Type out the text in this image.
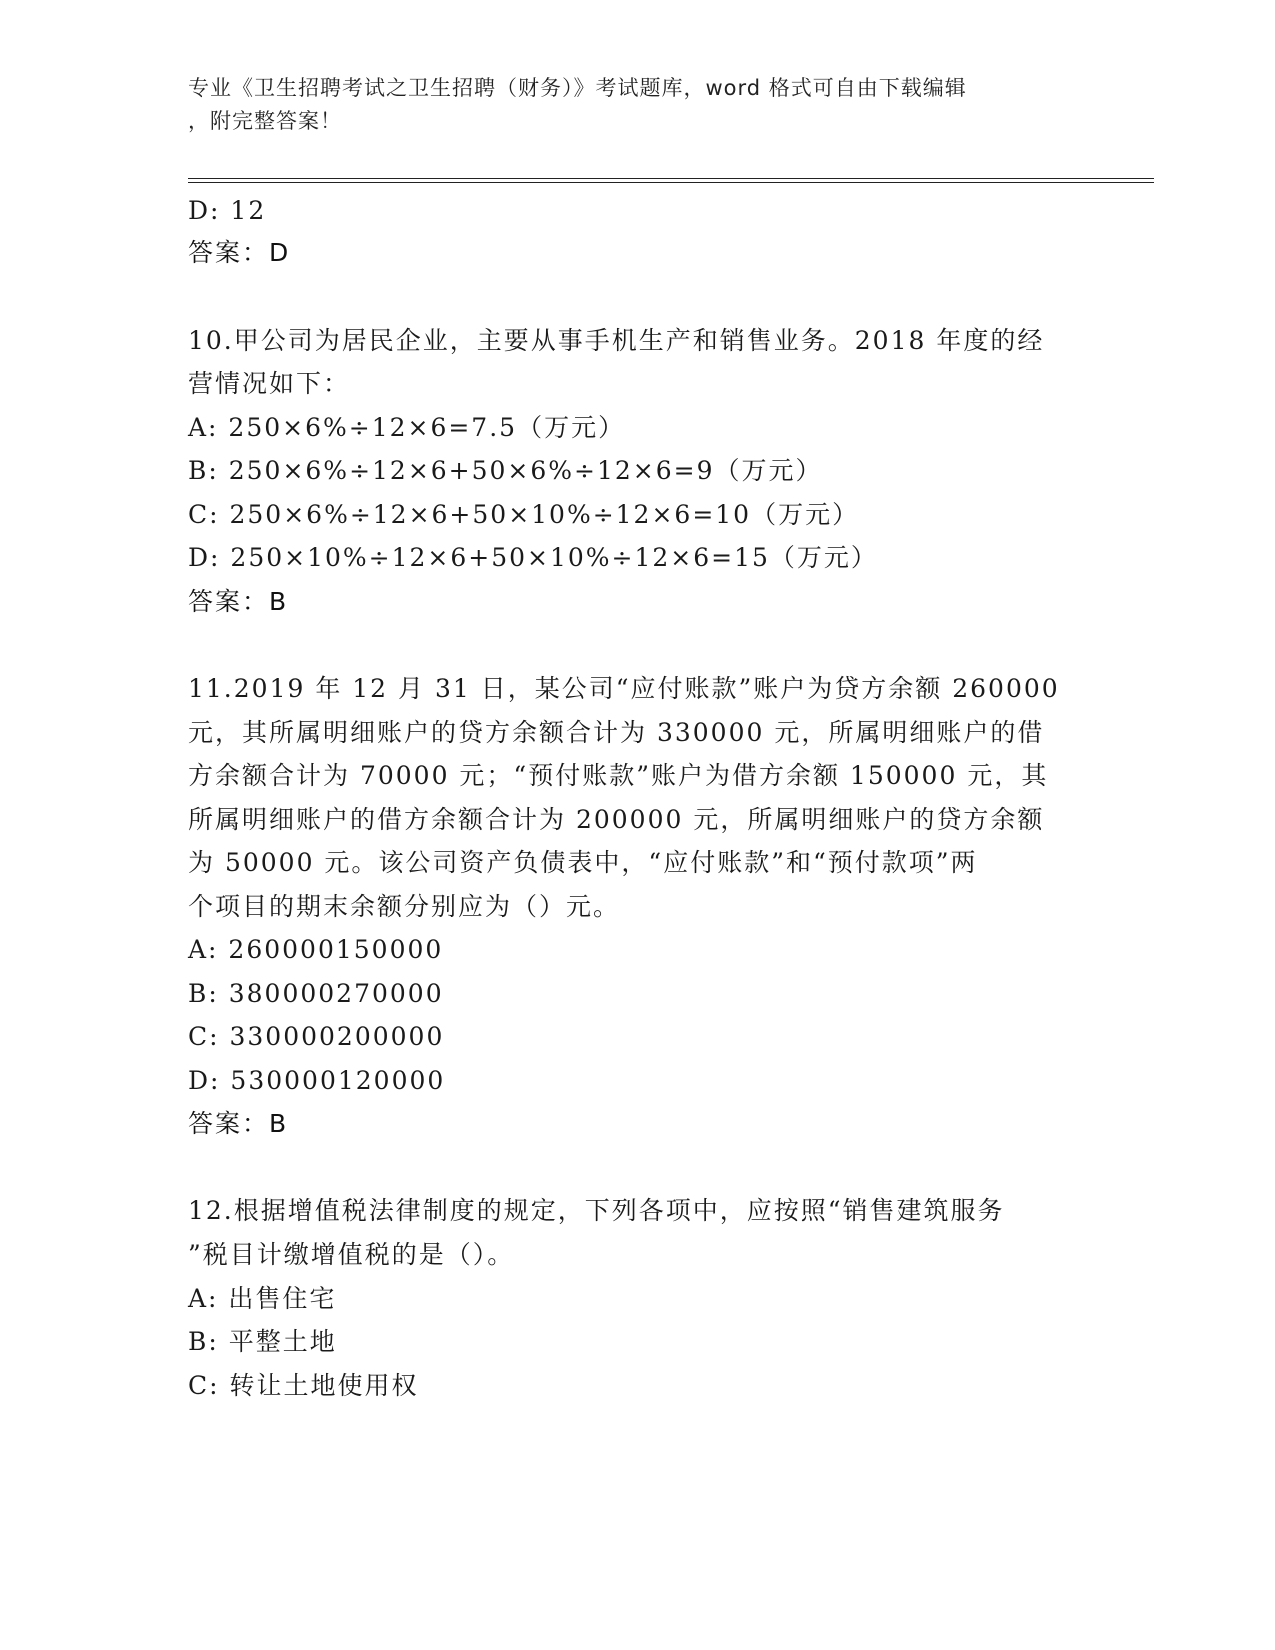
专业《卫生招聘考试之卫生招聘（财务）》考试题库，word 格式可自由下载编辑
，附完整答案！
D: 12
答案：D
10.甲公司为居民企业，主要从事手机生产和销售业务。2018 年度的经
营情况如下：
A: 250×6%÷12×6=7.5（万元）
B: 250×6%÷12×6+50×6%÷12×6=9（万元）
C: 250×6%÷12×6+50×10%÷12×6=10（万元）
D: 250×10%÷12×6+50×10%÷12×6=15（万元）
答案：B
11.2019 年 12 月 31 日，某公司“应付账款”账户为贷方余额 260000
元，其所属明细账户的贷方余额合计为 330000 元，所属明细账户的借
方余额合计为 70000 元；“预付账款”账户为借方余额 150000 元，其
所属明细账户的借方余额合计为 200000 元，所属明细账户的贷方余额
为 50000 元。该公司资产负债表中，“应付账款”和“预付款项”两
个项目的期末余额分别应为（）元。
A: 260000150000
B: 380000270000
C: 330000200000
D: 530000120000
答案：B
12.根据增值税法律制度的规定，下列各项中，应按照“销售建筑服务
”税目计缴增值税的是（）。
A: 出售住宅
B: 平整土地
C: 转让土地使用权
